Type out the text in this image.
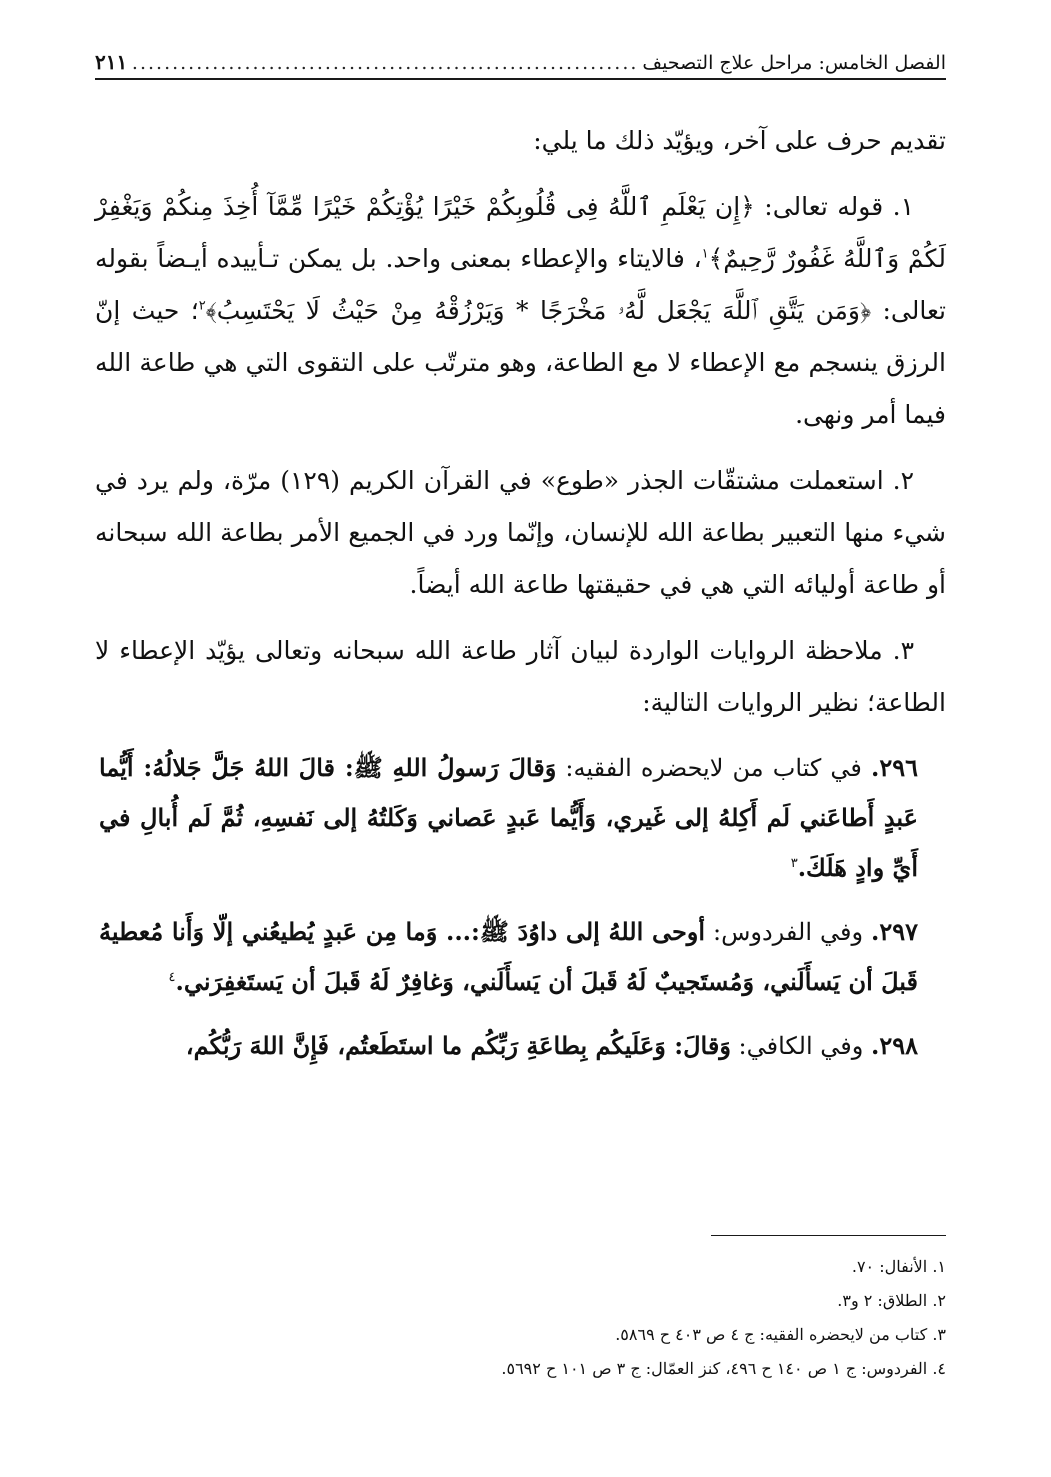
الفصل الخامس: مراحل علاج التصحيف
.....
٢١١

تقديم حرف على آخر، ويؤيّد ذلك ما يلي:

١. قوله تعالى: ﴿إِن يَعْلَمِ ٱللَّهُ فِى قُلُوبِكُمْ خَيْرًا يُؤْتِكُمْ خَيْرًا مِّمَّآ أُخِذَ مِنكُمْ وَيَغْفِرْ لَكُمْ وَٱللَّهُ غَفُورٌ رَّحِيمٌ﴾$^١$، فالايتاء والإعطاء بمعنى واحد. بل يمكن تـأييده أيـضاً بقوله تعالى: ﴿وَمَن يَتَّقِ ٱللَّهَ يَجْعَل لَّهُۥ مَخْرَجًا * وَيَرْزُقْهُ مِنْ حَيْثُ لَا يَحْتَسِبُ﴾$^٢$؛ حيث إنّ الرزق ينسجم مع الإعطاء لا مع الطاعة، وهو مترتّب على التقوى التي هي طاعة الله فيما أمر ونهى.

٢. استعملت مشتقّات الجذر «طوع» في القرآن الكريم (١٢٩) مرّة، ولم يرد في شيء منها التعبير بطاعة الله للإنسان، وإنّما ورد في الجميع الأمر بطاعة الله سبحانه أو طاعة أوليائه التي هي في حقيقتها طاعة الله أيضاً.

٣. ملاحظة الروايات الواردة لبيان آثار طاعة الله سبحانه وتعالى يؤيّد الإعطاء لا الطاعة؛ نظير الروايات التالية:

٢٩٦. في كتاب من لايحضره الفقيه: وَقالَ رَسولُ اللهِ ﷺ: قالَ اللهُ جَلَّ جَلالُهُ: أَيُّما عَبدٍ أَطاعَني لَم أَكِلهُ إلى غَيري، وَأَيُّما عَبدٍ عَصاني وَكَلتُهُ إلى نَفسِهِ، ثُمَّ لَم أُبالِ في أَيِّ وادٍ هَلَكَ.$^٣$

٢٩٧. وفي الفردوس: أوحى اللهُ إلى داوُدَ ﷺ:... وَما مِن عَبدٍ يُطيعُني إلّا وَأَنا مُعطيهُ قَبلَ أن يَسأَلَني، وَمُستَجيبٌ لَهُ قَبلَ أن يَسأَلَني، وَغافِرٌ لَهُ قَبلَ أن يَستَغفِرَني.$^٤$

٢٩٨. وفي الكافي: وَقالَ: وَعَلَيكُم بِطاعَةِ رَبِّكُم ما استَطَعتُم، فَإِنَّ اللهَ رَبُّكُم،

١. الأنفال: ٧٠.
٢. الطلاق: ٢ و٣.
٣. كتاب من لايحضره الفقيه: ج ٤ ص ٤٠٣ ح ٥٨٦٩.
٤. الفردوس: ج ١ ص ١٤٠ ح ٤٩٦، كنز العمّال: ج ٣ ص ١٠١ ح ٥٦٩٢.
